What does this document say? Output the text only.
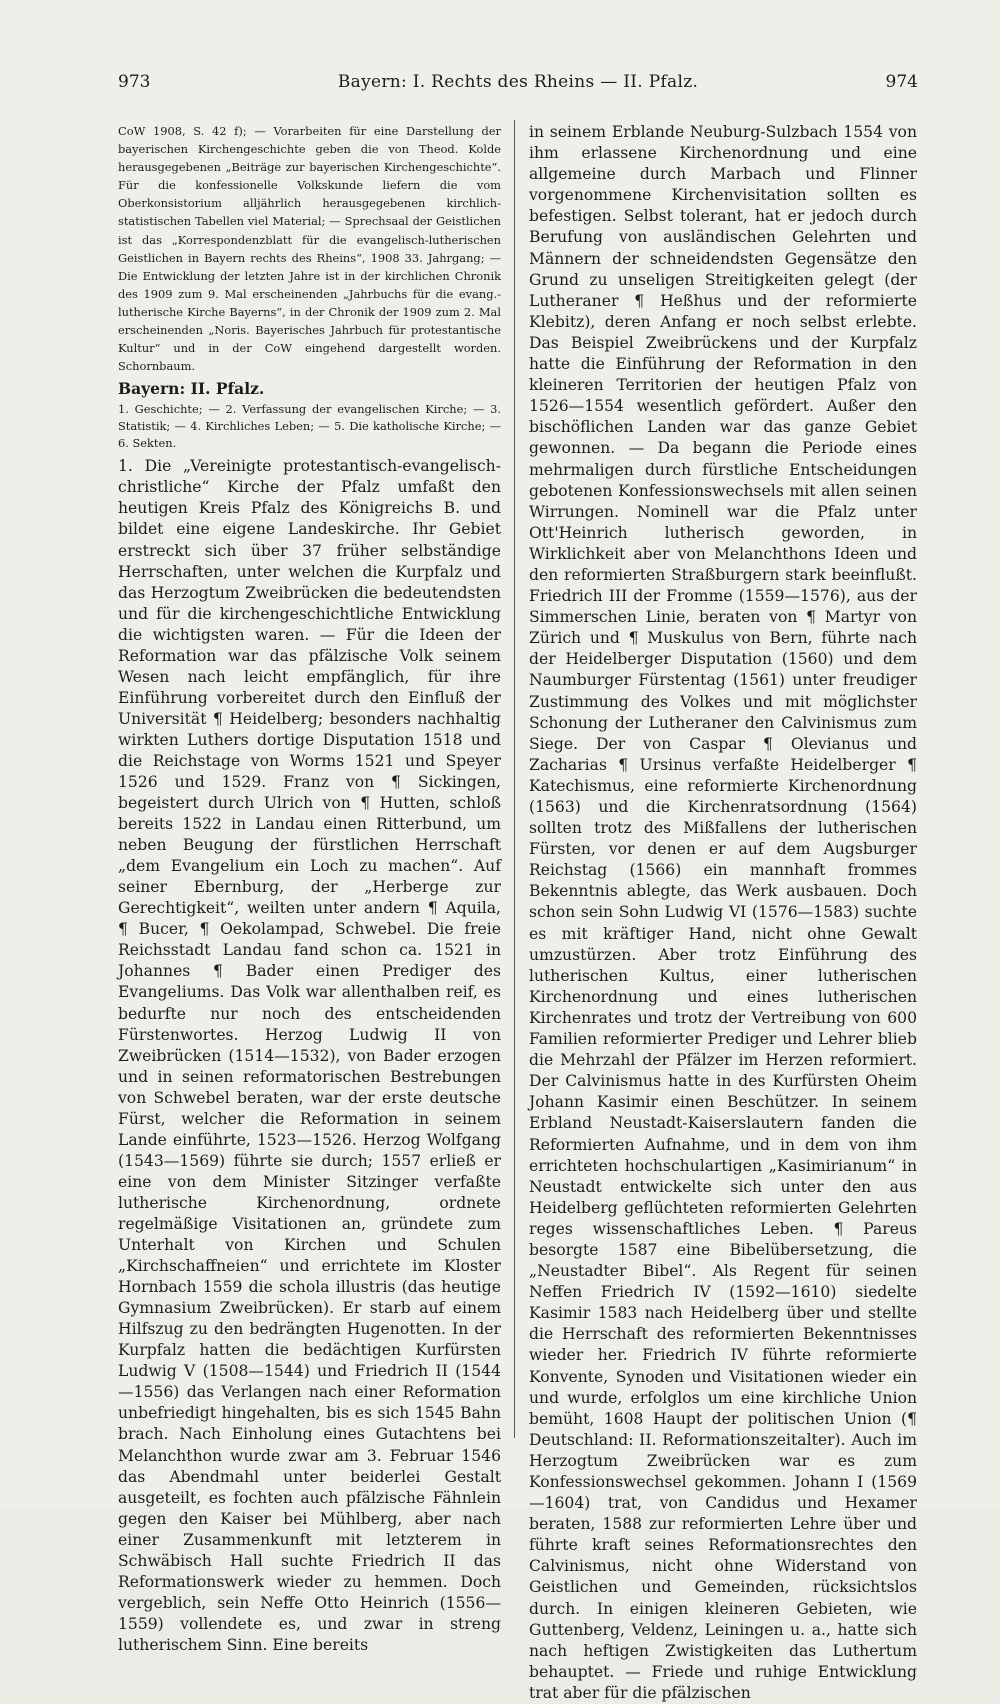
973	Bayern: I. Rechts des Rheins — II. Pfalz.	974

CoW 1908, S. 42 f); — Vorarbeiten für eine Darstellung der bayerischen Kirchengeschichte geben die von Theod. Kolde herausgegebenen „Beiträge zur bayerischen Kirchengeschichte“. Für die konfessionelle Volkskunde liefern die vom Oberkonsistorium alljährlich herausgegebenen kirchlich-statistischen Tabellen viel Material; — Sprechsaal der Geistlichen ist das „Korrespondenzblatt für die evangelisch-lutherischen Geistlichen in Bayern rechts des Rheins“, 1908 33. Jahrgang; — Die Entwicklung der letzten Jahre ist in der kirchlichen Chronik des 1909 zum 9. Mal erscheinenden „Jahrbuchs für die evang.-lutherische Kirche Bayerns“, in der Chronik der 1909 zum 2. Mal erscheinenden „Noris. Bayerisches Jahrbuch für protestantische Kultur“ und in der CoW eingehend dargestellt worden. Schornbaum.

Bayern: II. Pfalz.

1. Geschichte; — 2. Verfassung der evangelischen Kirche; — 3. Statistik; — 4. Kirchliches Leben; — 5. Die katholische Kirche; — 6. Sekten.

1. Die „Vereinigte protestantisch-evangelisch-christliche“ Kirche der Pfalz umfaßt den heutigen Kreis Pfalz des Königreichs B. und bildet eine eigene Landeskirche. Ihr Gebiet erstreckt sich über 37 früher selbständige Herrschaften, unter welchen die Kurpfalz und das Herzogtum Zweibrücken die bedeutendsten und für die kirchengeschichtliche Entwicklung die wichtigsten waren. — Für die Ideen der Reformation war das pfälzische Volk seinem Wesen nach leicht empfänglich, für ihre Einführung vorbereitet durch den Einfluß der Universität ¶ Heidelberg; besonders nachhaltig wirkten Luthers dortige Disputation 1518 und die Reichstage von Worms 1521 und Speyer 1526 und 1529. Franz von ¶ Sickingen, begeistert durch Ulrich von ¶ Hutten, schloß bereits 1522 in Landau einen Ritterbund, um neben Beugung der fürstlichen Herrschaft „dem Evangelium ein Loch zu machen“. Auf seiner Ebernburg, der „Herberge zur Gerechtigkeit“, weilten unter andern ¶ Aquila, ¶ Bucer, ¶ Oekolampad, Schwebel. Die freie Reichsstadt Landau fand schon ca. 1521 in Johannes ¶ Bader einen Prediger des Evangeliums. Das Volk war allenthalben reif, es bedurfte nur noch des entscheidenden Fürstenwortes. Herzog Ludwig II von Zweibrücken (1514—1532), von Bader erzogen und in seinen reformatorischen Bestrebungen von Schwebel beraten, war der erste deutsche Fürst, welcher die Reformation in seinem Lande einführte, 1523—1526. Herzog Wolfgang (1543—1569) führte sie durch; 1557 erließ er eine von dem Minister Sitzinger verfaßte lutherische Kirchenordnung, ordnete regelmäßige Visitationen an, gründete zum Unterhalt von Kirchen und Schulen „Kirchschaffneien“ und errichtete im Kloster Hornbach 1559 die schola illustris (das heutige Gymnasium Zweibrücken). Er starb auf einem Hilfszug zu den bedrängten Hugenotten. In der Kurpfalz hatten die bedächtigen Kurfürsten Ludwig V (1508—1544) und Friedrich II (1544—1556) das Verlangen nach einer Reformation unbefriedigt hingehalten, bis es sich 1545 Bahn brach. Nach Einholung eines Gutachtens bei Melanchthon wurde zwar am 3. Februar 1546 das Abendmahl unter beiderlei Gestalt ausgeteilt, es fochten auch pfälzische Fähnlein gegen den Kaiser bei Mühlberg, aber nach einer Zusammenkunft mit letzterem in Schwäbisch Hall suchte Friedrich II das Reformationswerk wieder zu hemmen. Doch vergeblich, sein Neffe Otto Heinrich (1556—1559) vollendete es, und zwar in streng lutherischem Sinn. Eine bereits

in seinem Erblande Neuburg-Sulzbach 1554 von ihm erlassene Kirchenordnung und eine allgemeine durch Marbach und Flinner vorgenommene Kirchenvisitation sollten es befestigen. Selbst tolerant, hat er jedoch durch Berufung von ausländischen Gelehrten und Männern der schneidendsten Gegensätze den Grund zu unseligen Streitigkeiten gelegt (der Lutheraner ¶ Heßhus und der reformierte Klebitz), deren Anfang er noch selbst erlebte. Das Beispiel Zweibrückens und der Kurpfalz hatte die Einführung der Reformation in den kleineren Territorien der heutigen Pfalz von 1526—1554 wesentlich gefördert. Außer den bischöflichen Landen war das ganze Gebiet gewonnen. — Da begann die Periode eines mehrmaligen durch fürstliche Entscheidungen gebotenen Konfessionswechsels mit allen seinen Wirrungen. Nominell war die Pfalz unter Ott'Heinrich lutherisch geworden, in Wirklichkeit aber von Melanchthons Ideen und den reformierten Straßburgern stark beeinflußt. Friedrich III der Fromme (1559—1576), aus der Simmerschen Linie, beraten von ¶ Martyr von Zürich und ¶ Muskulus von Bern, führte nach der Heidelberger Disputation (1560) und dem Naumburger Fürstentag (1561) unter freudiger Zustimmung des Volkes und mit möglichster Schonung der Lutheraner den Calvinismus zum Siege. Der von Caspar ¶ Olevianus und Zacharias ¶ Ursinus verfaßte Heidelberger ¶ Katechismus, eine reformierte Kirchenordnung (1563) und die Kirchenratsordnung (1564) sollten trotz des Mißfallens der lutherischen Fürsten, vor denen er auf dem Augsburger Reichstag (1566) ein mannhaft frommes Bekenntnis ablegte, das Werk ausbauen. Doch schon sein Sohn Ludwig VI (1576—1583) suchte es mit kräftiger Hand, nicht ohne Gewalt umzustürzen. Aber trotz Einführung des lutherischen Kultus, einer lutherischen Kirchenordnung und eines lutherischen Kirchenrates und trotz der Vertreibung von 600 Familien reformierter Prediger und Lehrer blieb die Mehrzahl der Pfälzer im Herzen reformiert. Der Calvinismus hatte in des Kurfürsten Oheim Johann Kasimir einen Beschützer. In seinem Erbland Neustadt-Kaiserslautern fanden die Reformierten Aufnahme, und in dem von ihm errichteten hochschulartigen „Kasimirianum“ in Neustadt entwickelte sich unter den aus Heidelberg geflüchteten reformierten Gelehrten reges wissenschaftliches Leben. ¶ Pareus besorgte 1587 eine Bibelübersetzung, die „Neustadter Bibel“. Als Regent für seinen Neffen Friedrich IV (1592—1610) siedelte Kasimir 1583 nach Heidelberg über und stellte die Herrschaft des reformierten Bekenntnisses wieder her. Friedrich IV führte reformierte Konvente, Synoden und Visitationen wieder ein und wurde, erfolglos um eine kirchliche Union bemüht, 1608 Haupt der politischen Union (¶ Deutschland: II. Reformationszeitalter). Auch im Herzogtum Zweibrücken war es zum Konfessionswechsel gekommen. Johann I (1569—1604) trat, von Candidus und Hexamer beraten, 1588 zur reformierten Lehre über und führte kraft seines Reformationsrechtes den Calvinismus, nicht ohne Widerstand von Geistlichen und Gemeinden, rücksichtslos durch. In einigen kleineren Gebieten, wie Guttenberg, Veldenz, Leiningen u. a., hatte sich nach heftigen Zwistigkeiten das Luthertum behauptet. — Friede und ruhige Entwicklung trat aber für die pfälzischen
